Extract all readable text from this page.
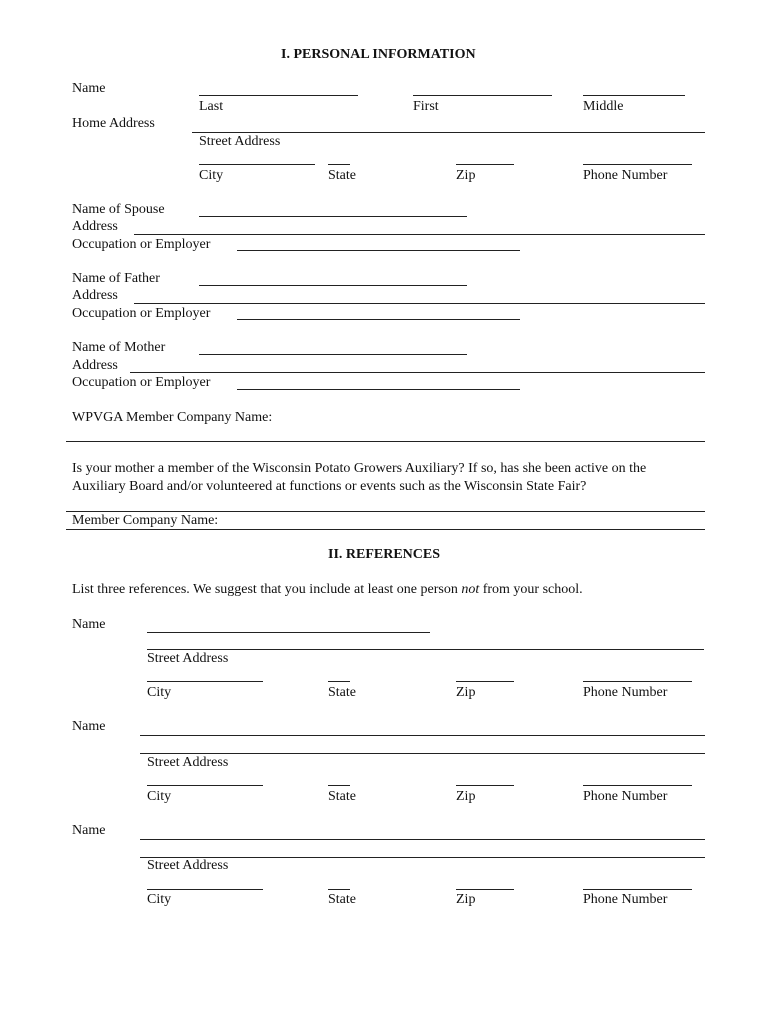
I. PERSONAL INFORMATION
Name
Last	First	Middle
Home Address
Street Address
City	State	Zip	Phone Number
Name of Spouse
Address
Occupation or Employer
Name of Father
Address
Occupation or Employer
Name of Mother
Address
Occupation or Employer
WPVGA Member Company Name:
Is your mother a member of the Wisconsin Potato Growers Auxiliary? If so, has she been active on the
Auxiliary Board and/or volunteered at functions or events such as the Wisconsin State Fair?
Member Company Name:
II. REFERENCES
List three references. We suggest that you include at least one person not from your school.
Name
Street Address
City	State	Zip	Phone Number
Name
Street Address
City	State	Zip	Phone Number
Name
Street Address
City	State	Zip	Phone Number
